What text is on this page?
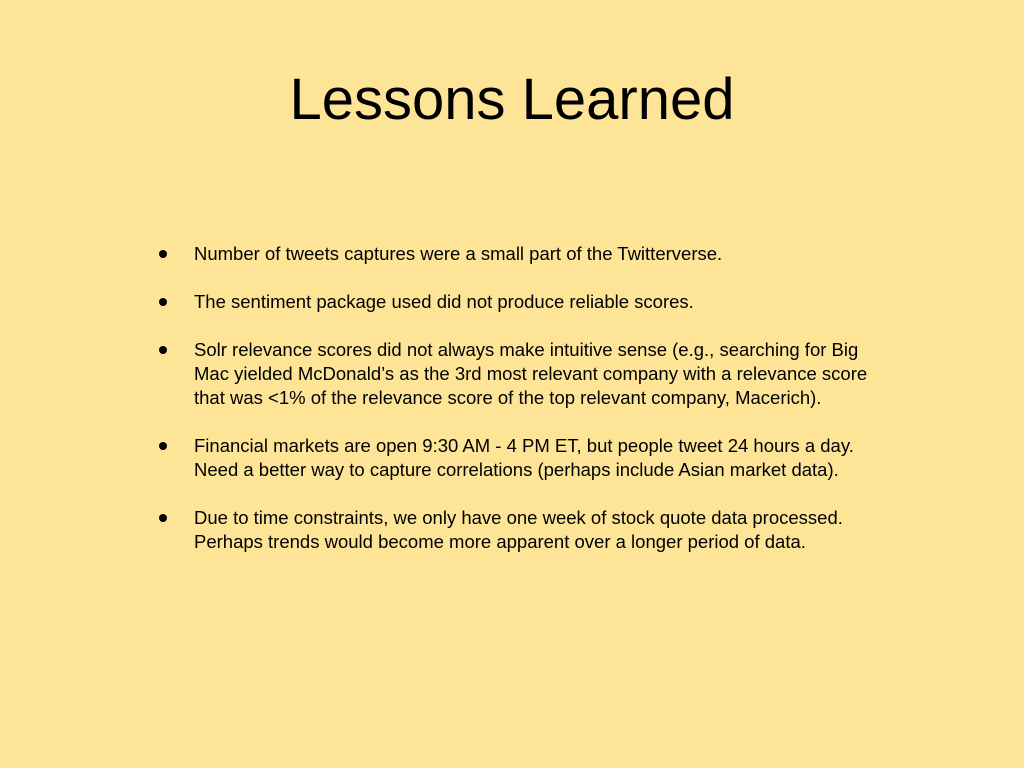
Lessons Learned
Number of tweets captures were a small part of the Twitterverse.
The sentiment package used did not produce reliable scores.
Solr relevance scores did not always make intuitive sense (e.g., searching for Big Mac yielded McDonald’s as the 3rd most relevant company with a relevance score that was <1% of the relevance score of the top relevant company, Macerich).
Financial markets are open 9:30 AM - 4 PM ET, but people tweet 24 hours a day. Need a better way to capture correlations (perhaps include Asian market data).
Due to time constraints, we only have one week of stock quote data processed. Perhaps trends would become more apparent over a longer period of data.
